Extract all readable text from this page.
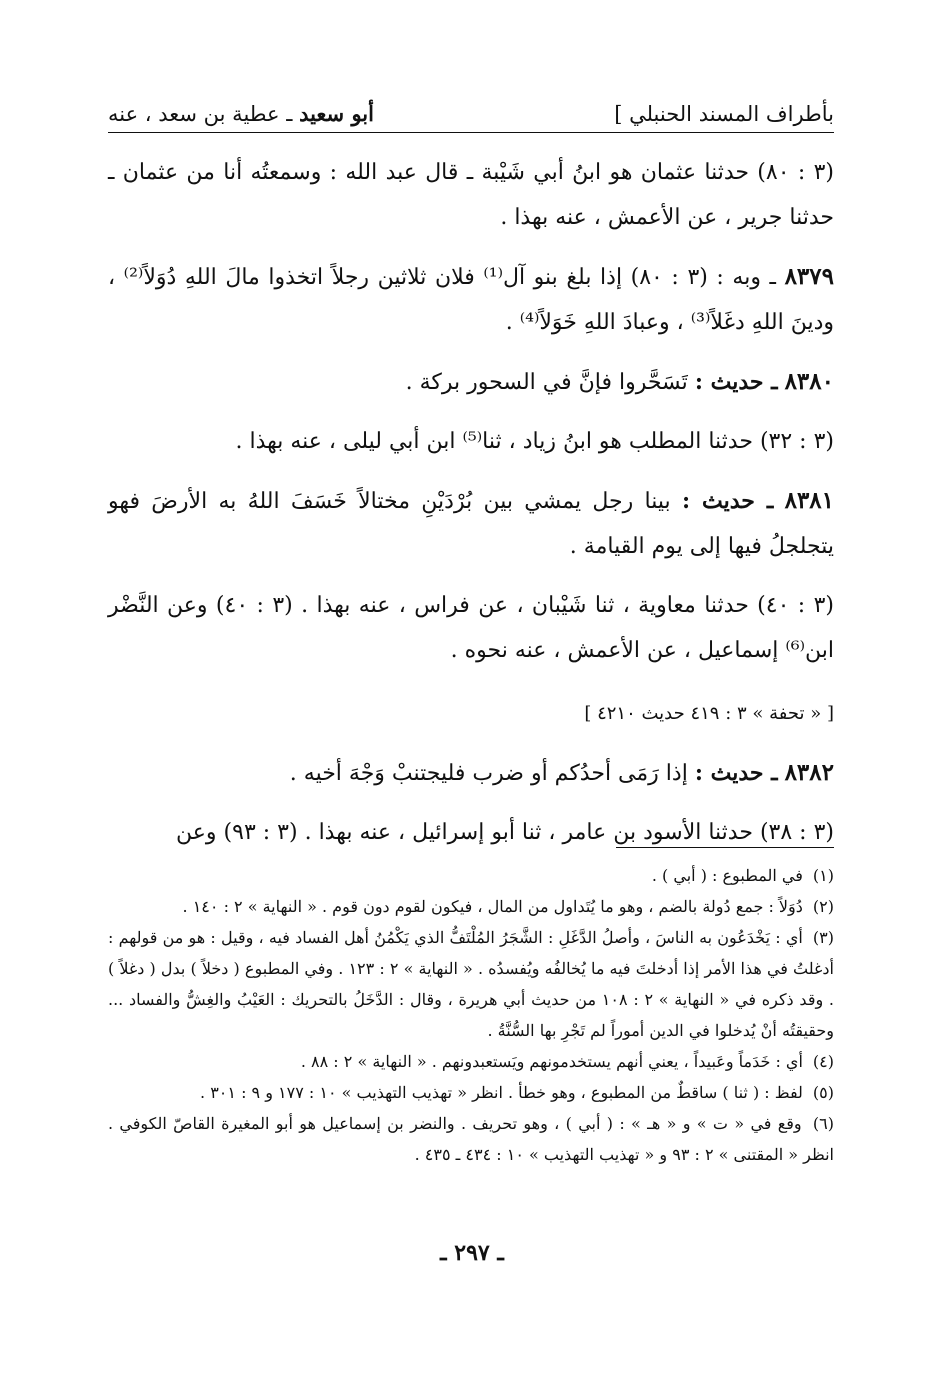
أبو سعيد ـ عطية بن سعد ، عنه	بأطراف المسند الحنبلي ]

(٣ : ٨٠) حدثنا عثمان هو ابنُ أبي شَيْبة ـ قال عبد الله : وسمعتُه أنا من عثمان ـ حدثنا جرير ، عن الأعمش ، عنه بهذا .

٨٣٧٩ ـ وبه : (٣ : ٨٠) إذا بلغ بنو آل⁽¹⁾ فلان ثلاثين رجلاً اتخذوا مالَ اللهِ دُوَلاً⁽²⁾ ، ودينَ اللهِ دغَلاً⁽³⁾ ، وعبادَ اللهِ خَوَلاً⁽⁴⁾ .

٨٣٨٠ ـ حديث : تَسَحَّروا فإنَّ في السحور بركة .

(٣ : ٣٢) حدثنا المطلب هو ابنُ زياد ، ثنا⁽⁵⁾ ابن أبي ليلى ، عنه بهذا .

٨٣٨١ ـ حديث : بينا رجل يمشي بين بُرْدَيْنِ مختالاً خَسَفَ اللهُ به الأرضَ فهو يتجلجلُ فيها إلى يوم القيامة .

(٣ : ٤٠) حدثنا معاوية ، ثنا شَيْبان ، عن فراس ، عنه بهذا . (٣ : ٤٠) وعن النَّضْر ابن⁽⁶⁾ إسماعيل ، عن الأعمش ، عنه نحوه .

[ « تحفة » ٣ : ٤١٩ حديث ٤٢١٠ ]

٨٣٨٢ ـ حديث : إذا رَمَى أحدُكم أو ضرب فليجتنبْ وَجْهَ أخيه .

(٣ : ٣٨) حدثنا الأسود بن عامر ، ثنا أبو إسرائيل ، عنه بهذا . (٣ : ٩٣) وعن

(١) في المطبوع : ( أبي ) .

(٢) دُوَلاً : جمع دُولة بالضم ، وهو ما يُتَداول من المال ، فيكون لقوم دون قوم . « النهاية » ٢ : ١٤٠ .

(٣) أي : يَخْدَعُون به الناسَ ، وأصلُ الدَّغَلِ : الشَّجَرُ المُلْتَفُّ الذي يَكْمُنُ أهل الفساد فيه ، وقيل : هو من قولهم : أدغلتُ في هذا الأمر إذا أدخلتَ فيه ما يُخالفُه ويُفسدُه . « النهاية » ٢ : ١٢٣ . وفي المطبوع ( دخلاً ) بدل ( دغلاً ) . وقد ذكره في « النهاية » ٢ : ١٠٨ من حديث أبي هريرة ، وقال : الدَّخَلُ بالتحريك : العَيْبُ والغِشُّ والفساد ... وحقيقتُه أنْ يُدخلوا في الدين أموراً لم تَجْرِ بها السُّنَّةُ .

(٤) أي : خَدَماً وعَبيداً ، يعني أنهم يستخدمونهم ويَستعبدونهم . « النهاية » ٢ : ٨٨ .

(٥) لفظ : ( ثنا ) ساقطٌ من المطبوع ، وهو خطأ . انظر « تهذيب التهذيب » ١٠ : ١٧٧ و ٩ : ٣٠١ .

(٦) وقع في « ت » و « هـ » : ( أبي ) ، وهو تحريف . والنضر بن إسماعيل هو أبو المغيرة القاصّ الكوفي . انظر « المقتنى » ٢ : ٩٣ و « تهذيب التهذيب » ١٠ : ٤٣٤ ـ ٤٣٥ .

ـ ٢٩٧ ـ
